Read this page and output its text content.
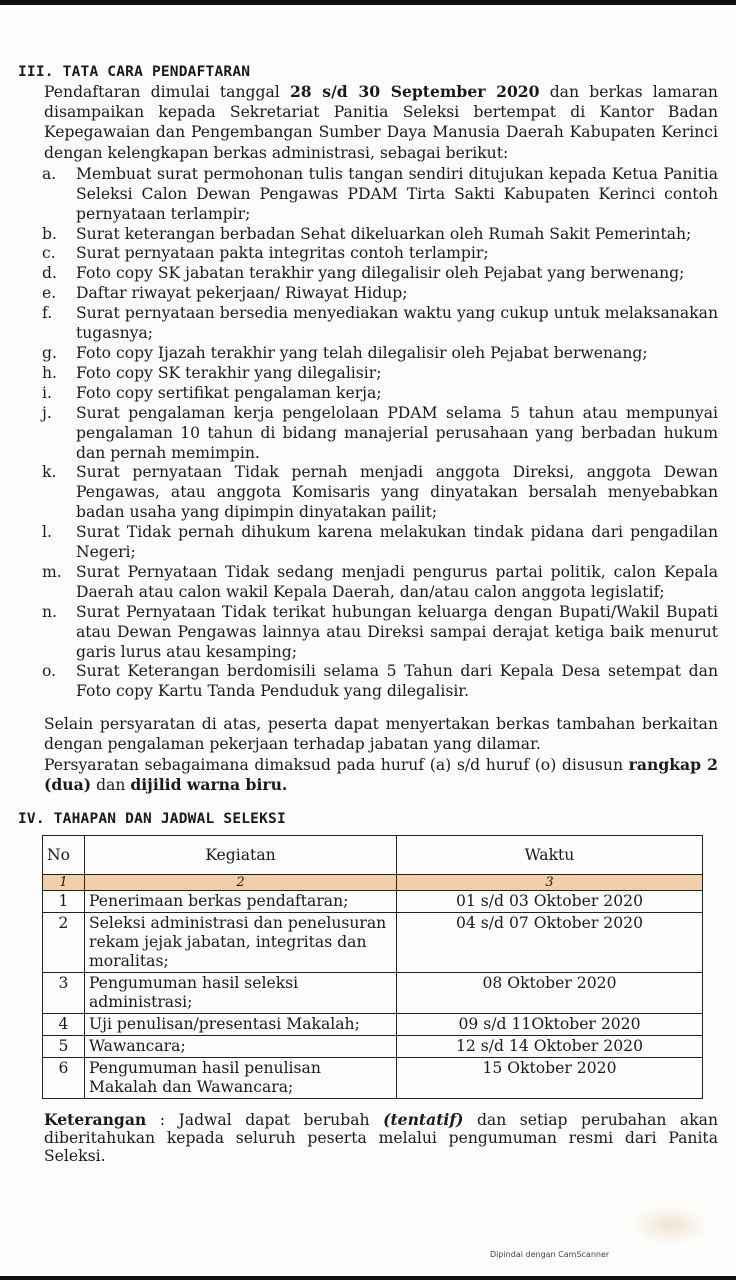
III. TATA CARA PENDAFTARAN
Pendaftaran dimulai tanggal 28 s/d 30 September 2020 dan berkas lamaran disampaikan kepada Sekretariat Panitia Seleksi bertempat di Kantor Badan Kepegawaian dan Pengembangan Sumber Daya Manusia Daerah Kabupaten Kerinci dengan kelengkapan berkas administrasi, sebagai berikut:
a.	Membuat surat permohonan tulis tangan sendiri ditujukan kepada Ketua Panitia Seleksi Calon Dewan Pengawas PDAM Tirta Sakti Kabupaten Kerinci contoh pernyataan terlampir;
b.	Surat keterangan berbadan Sehat dikeluarkan oleh Rumah Sakit Pemerintah;
c.	Surat pernyataan pakta integritas contoh terlampir;
d.	Foto copy SK jabatan terakhir yang dilegalisir oleh Pejabat yang berwenang;
e.	Daftar riwayat pekerjaan/ Riwayat Hidup;
f.	Surat pernyataan bersedia menyediakan waktu yang cukup untuk melaksanakan tugasnya;
g.	Foto copy Ijazah terakhir yang telah dilegalisir oleh Pejabat berwenang;
h.	Foto copy SK terakhir yang dilegalisir;
i.	Foto copy sertifikat pengalaman kerja;
j.	Surat pengalaman kerja pengelolaan PDAM selama 5 tahun atau mempunyai pengalaman 10 tahun di bidang manajerial perusahaan yang berbadan hukum dan pernah memimpin.
k.	Surat pernyataan Tidak pernah menjadi anggota Direksi, anggota Dewan Pengawas, atau anggota Komisaris yang dinyatakan bersalah menyebabkan badan usaha yang dipimpin dinyatakan pailit;
l.	Surat Tidak pernah dihukum karena melakukan tindak pidana dari pengadilan Negeri;
m. Surat Pernyataan Tidak sedang menjadi pengurus partai politik, calon Kepala Daerah atau calon wakil Kepala Daerah, dan/atau calon anggota legislatif;
n.	Surat Pernyataan Tidak terikat hubungan keluarga dengan Bupati/Wakil Bupati atau Dewan Pengawas lainnya atau Direksi sampai derajat ketiga baik menurut garis lurus atau kesamping;
o.	Surat Keterangan berdomisili selama 5 Tahun dari Kepala Desa setempat dan Foto copy Kartu Tanda Penduduk yang dilegalisir.
Selain persyaratan di atas, peserta dapat menyertakan berkas tambahan berkaitan dengan pengalaman pekerjaan terhadap jabatan yang dilamar.
Persyaratan sebagaimana dimaksud pada huruf (a) s/d huruf (o) disusun rangkap 2 (dua) dan dijilid warna biru.
IV. TAHAPAN DAN JADWAL SELEKSI
No	Kegiatan	Waktu
1	2	3
1	Penerimaan berkas pendaftaran;	01 s/d 03 Oktober 2020
2	Seleksi administrasi dan penelusuran rekam jejak jabatan, integritas dan moralitas;	04 s/d 07 Oktober 2020
3	Pengumuman hasil seleksi administrasi;	08 Oktober 2020
4	Uji penulisan/presentasi Makalah;	09 s/d 11Oktober 2020
5	Wawancara;	12 s/d 14 Oktober 2020
6	Pengumuman hasil penulisan Makalah dan Wawancara;	15 Oktober 2020
Keterangan : Jadwal dapat berubah (tentatif) dan setiap perubahan akan diberitahukan kepada seluruh peserta melalui pengumuman resmi dari Panita Seleksi.
Dipindai dengan CamScanner
